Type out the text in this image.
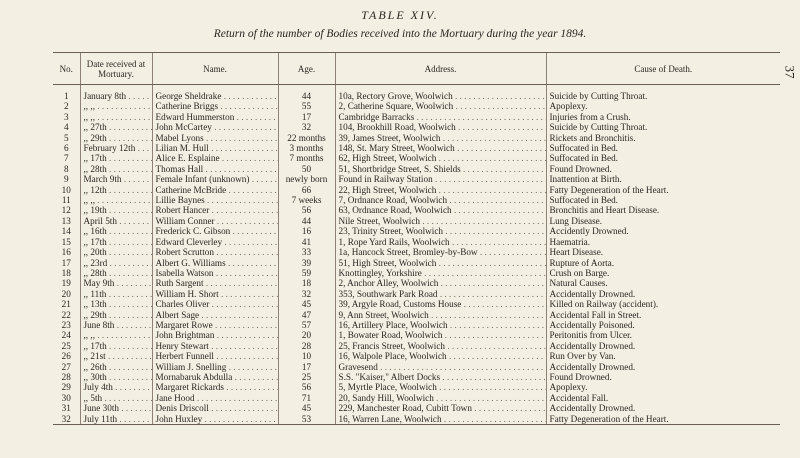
TABLE XIV.
Return of the number of Bodies received into the Mortuary during the year 1894.
37
No.	Date received at Mortuary.	Name.	Age.	Address.	Cause of Death.
1	January 8th . . .	George Sheldrake . . .	44	10a, Rectory Grove, Woolwich . . .	Suicide by Cutting Throat.
2	,, ,, . . .	Catherine Briggs . . .	55	2, Catherine Square, Woolwich . . .	Apoplexy.
3	,, ,, . . .	Edward Hummerston . . .	17	Cambridge Barracks . . .	Injuries from a Crush.
4	,, 27th . . .	John McCartey . . .	32	104, Brookhill Road, Woolwich . . .	Suicide by Cutting Throat.
5	,, 29th . . .	Mabel Lyons . . .	22 months	39, James Street, Woolwich . . .	Rickets and Bronchitis.
6	February 12th . . .	Lilian M. Hull . . .	3 months	148, St. Mary Street, Woolwich . . .	Suffocated in Bed.
7	,, 17th . . .	Alice E. Esplaine . . .	7 months	62, High Street, Woolwich . . .	Suffocated in Bed.
8	,, 28th . . .	Thomas Hall . . .	50	51, Shortbridge Street, S. Shields . . .	Found Drowned.
9	March 9th . . .	Female Infant (unknown) . . .	newly born	Found in Railway Station . . .	Inattention at Birth.
10	,, 12th . . .	Catherine McBride . . .	66	22, High Street, Woolwich . . .	Fatty Degeneration of the Heart.
11	,, ,, . . .	Lillie Baynes . . .	7 weeks	7, Ordnance Road, Woolwich . . .	Suffocated in Bed.
12	,, 19th . . .	Robert Hancer . . .	56	63, Ordnance Road, Woolwich . . .	Bronchitis and Heart Disease.
13	April 5th . . .	William Conner . . .	44	Nile Street, Woolwich . . .	Lung Disease.
14	,, 16th . . .	Frederick C. Gibson . . .	16	23, Trinity Street, Woolwich . . .	Accidently Drowned.
15	,, 17th . . .	Edward Cleverley . . .	41	1, Rope Yard Rails, Woolwich . . .	Haematria.
16	,, 20th . . .	Robert Scrutton . . .	33	1a, Hancock Street, Bromley-by-Bow . . .	Heart Disease.
17	,, 23rd . . .	Albert G. Williams . . .	39	51, High Street, Woolwich . . .	Rupture of Aorta.
18	,, 28th . . .	Isabella Watson . . .	59	Knottingley, Yorkshire . . .	Crush on Barge.
19	May 9th . . .	Ruth Sargent . . .	18	2, Anchor Alley, Woolwich . . .	Natural Causes.
20	,, 11th . . .	William H. Short . . .	32	353, Southwark Park Road . . .	Accidentally Drowned.
21	,, 13th . . .	Charles Oliver . . .	45	39, Argyle Road, Customs House . . .	Killed on Railway (accident).
22	,, 29th . . .	Albert Sage . . .	47	9, Ann Street, Woolwich . . .	Accidental Fall in Street.
23	June 8th . . .	Margaret Rowe . . .	57	16, Artillery Place, Woolwich . . .	Accidentally Poisoned.
24	,, ,, . . .	John Brightman . . .	20	1, Bowater Road, Woolwich . . .	Peritonitis from Ulcer.
25	,, 17th . . .	Henry Stewart . . .	28	25, Francis Street, Woolwich . . .	Accidentally Drowned.
26	,, 21st . . .	Herbert Funnell . . .	10	16, Walpole Place, Woolwich . . .	Run Over by Van.
27	,, 26th . . .	William J. Snelling . . .	17	Gravesend . . .	Accidentally Drowned.
28	,, 30th . . .	Mornabaruk Abdulla . . .	25	S.S. "Kaiser," Albert Docks . . .	Found Drowned.
29	July 4th . . .	Margaret Rickards . . .	56	5, Myrtle Place, Woolwich . . .	Apoplexy.
30	,, 5th . . .	Jane Hood . . .	71	20, Sandy Hill, Woolwich . . .	Accidental Fall.
31	June 30th . . .	Denis Driscoll . . .	45	229, Manchester Road, Cubitt Town . . .	Accidentally Drowned.
32	July 11th . . .	John Huxley . . .	53	16, Warren Lane, Woolwich . . .	Fatty Degeneration of the Heart.
